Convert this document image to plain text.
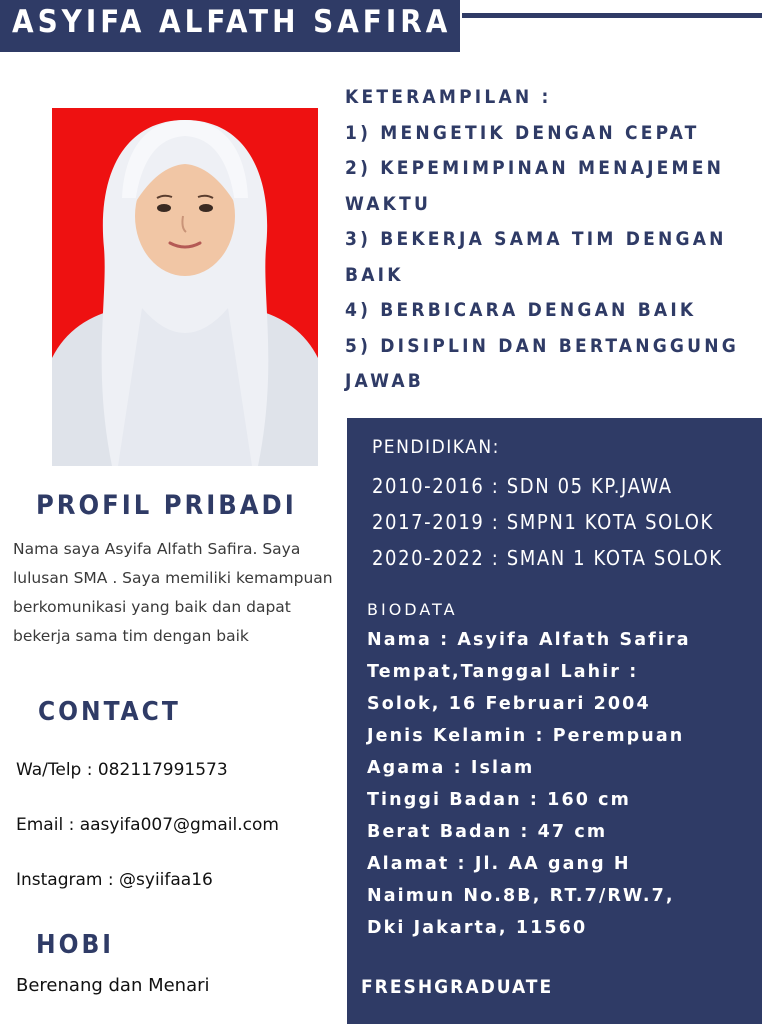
ASYIFA ALFATH SAFIRA
KETERAMPILAN :
1) MENGETIK DENGAN CEPAT
2) KEPEMIMPINAN MENAJEMEN
WAKTU
3) BEKERJA SAMA TIM DENGAN
BAIK
4) BERBICARA DENGAN BAIK
5) DISIPLIN DAN BERTANGGUNG
JAWAB
PROFIL PRIBADI
Nama saya Asyifa Alfath Safira. Saya lulusan SMA . Saya memiliki kemampuan berkomunikasi yang baik dan dapat bekerja sama tim dengan baik
CONTACT
Wa/Telp : 082117991573
Email : aasyifa007@gmail.com
Instagram : @syiifaa16
HOBI
Berenang dan Menari
PENDIDIKAN:
2010-2016 : SDN 05 KP.JAWA
2017-2019 : SMPN1 KOTA SOLOK
2020-2022 : SMAN 1 KOTA SOLOK
BIODATA
Nama : Asyifa Alfath Safira
Tempat,Tanggal Lahir :
Solok, 16 Februari 2004
Jenis Kelamin : Perempuan
Agama : Islam
Tinggi Badan : 160 cm
Berat Badan : 47 cm
Alamat : Jl. AA gang H
Naimun No.8B, RT.7/RW.7,
Dki Jakarta, 11560
FRESHGRADUATE
